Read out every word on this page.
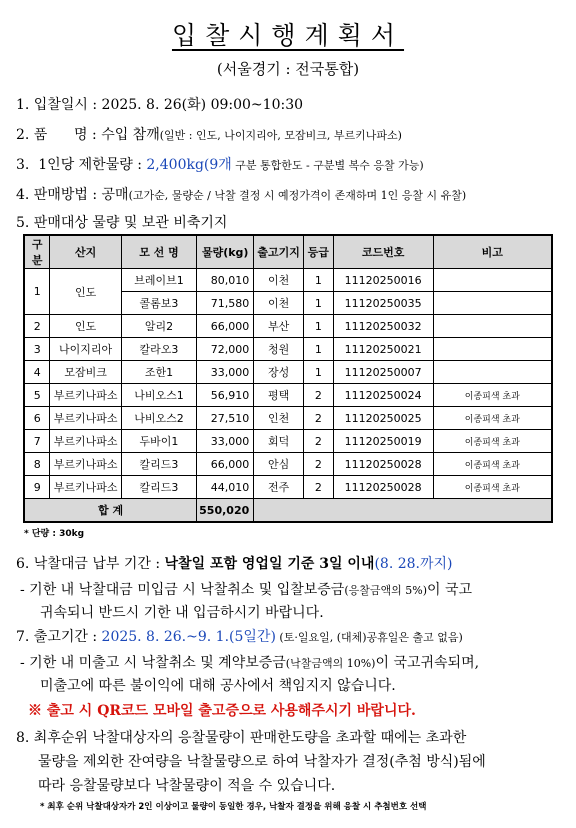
입찰시행계획서
(서울경기 : 전국통합)
1. 입찰일시 : 2025. 8. 26(화) 09:00~10:30
2. 품      명 : 수입 참깨(일반 : 인도, 나이지리아, 모잠비크, 부르키나파소)
3.  1인당 제한물량 : 2,400kg(9개 구분 통합한도 - 구분별 복수 응찰 가능)
4. 판매방법 : 공매(고가순, 물량순 / 낙찰 결정 시 예정가격이 존재하며 1인 응찰 시 유찰)
5. 판매대상 물량 및 보관 비축기지
구분	산지	모 선 명	물량(kg)	출고기지	등급	코드번호	비고
1	인도	브레이브1	80,010	이천	1	11120250016	
		콜롬보3	71,580	이천	1	11120250035	
2	인도	알리2	66,000	부산	1	11120250032	
3	나이지리아	칼라오3	72,000	청원	1	11120250021	
4	모잠비크	조한1	33,000	장성	1	11120250007	
5	부르키나파소	나비오스1	56,910	평택	2	11120250024	이종피색 초과
6	부르키나파소	나비오스2	27,510	인천	2	11120250025	이종피색 초과
7	부르키나파소	두바이1	33,000	회덕	2	11120250019	이종피색 초과
8	부르키나파소	칼리드3	66,000	안심	2	11120250028	이종피색 초과
9	부르키나파소	칼리드3	44,010	전주	2	11120250028	이종피색 초과
합 계			550,020				
* 단량 : 30kg
6. 낙찰대금 납부 기간 : 낙찰일 포함 영업일 기준 3일 이내(8. 28.까지)
- 기한 내 낙찰대금 미입금 시 낙찰취소 및 입찰보증금(응찰금액의 5%)이 국고
귀속되니 반드시 기한 내 입금하시기 바랍니다.
7. 출고기간 : 2025. 8. 26.~9. 1.(5일간) (토·일요일, (대체)공휴일은 출고 없음)
- 기한 내 미출고 시 낙찰취소 및 계약보증금(낙찰금액의 10%)이 국고귀속되며,
미출고에 따른 불이익에 대해 공사에서 책임지지 않습니다.
※ 출고 시 QR코드 모바일 출고증으로 사용해주시기 바랍니다.
8. 최후순위 낙찰대상자의 응찰물량이 판매한도량을 초과할 때에는 초과한
물량을 제외한 잔여량을 낙찰물량으로 하여 낙찰자가 결정(추첨 방식)됨에
따라 응찰물량보다 낙찰물량이 적을 수 있습니다.
* 최후 순위 낙찰대상자가 2인 이상이고 물량이 동일한 경우, 낙찰자 결정을 위해 응찰 시 추첨번호 선택
